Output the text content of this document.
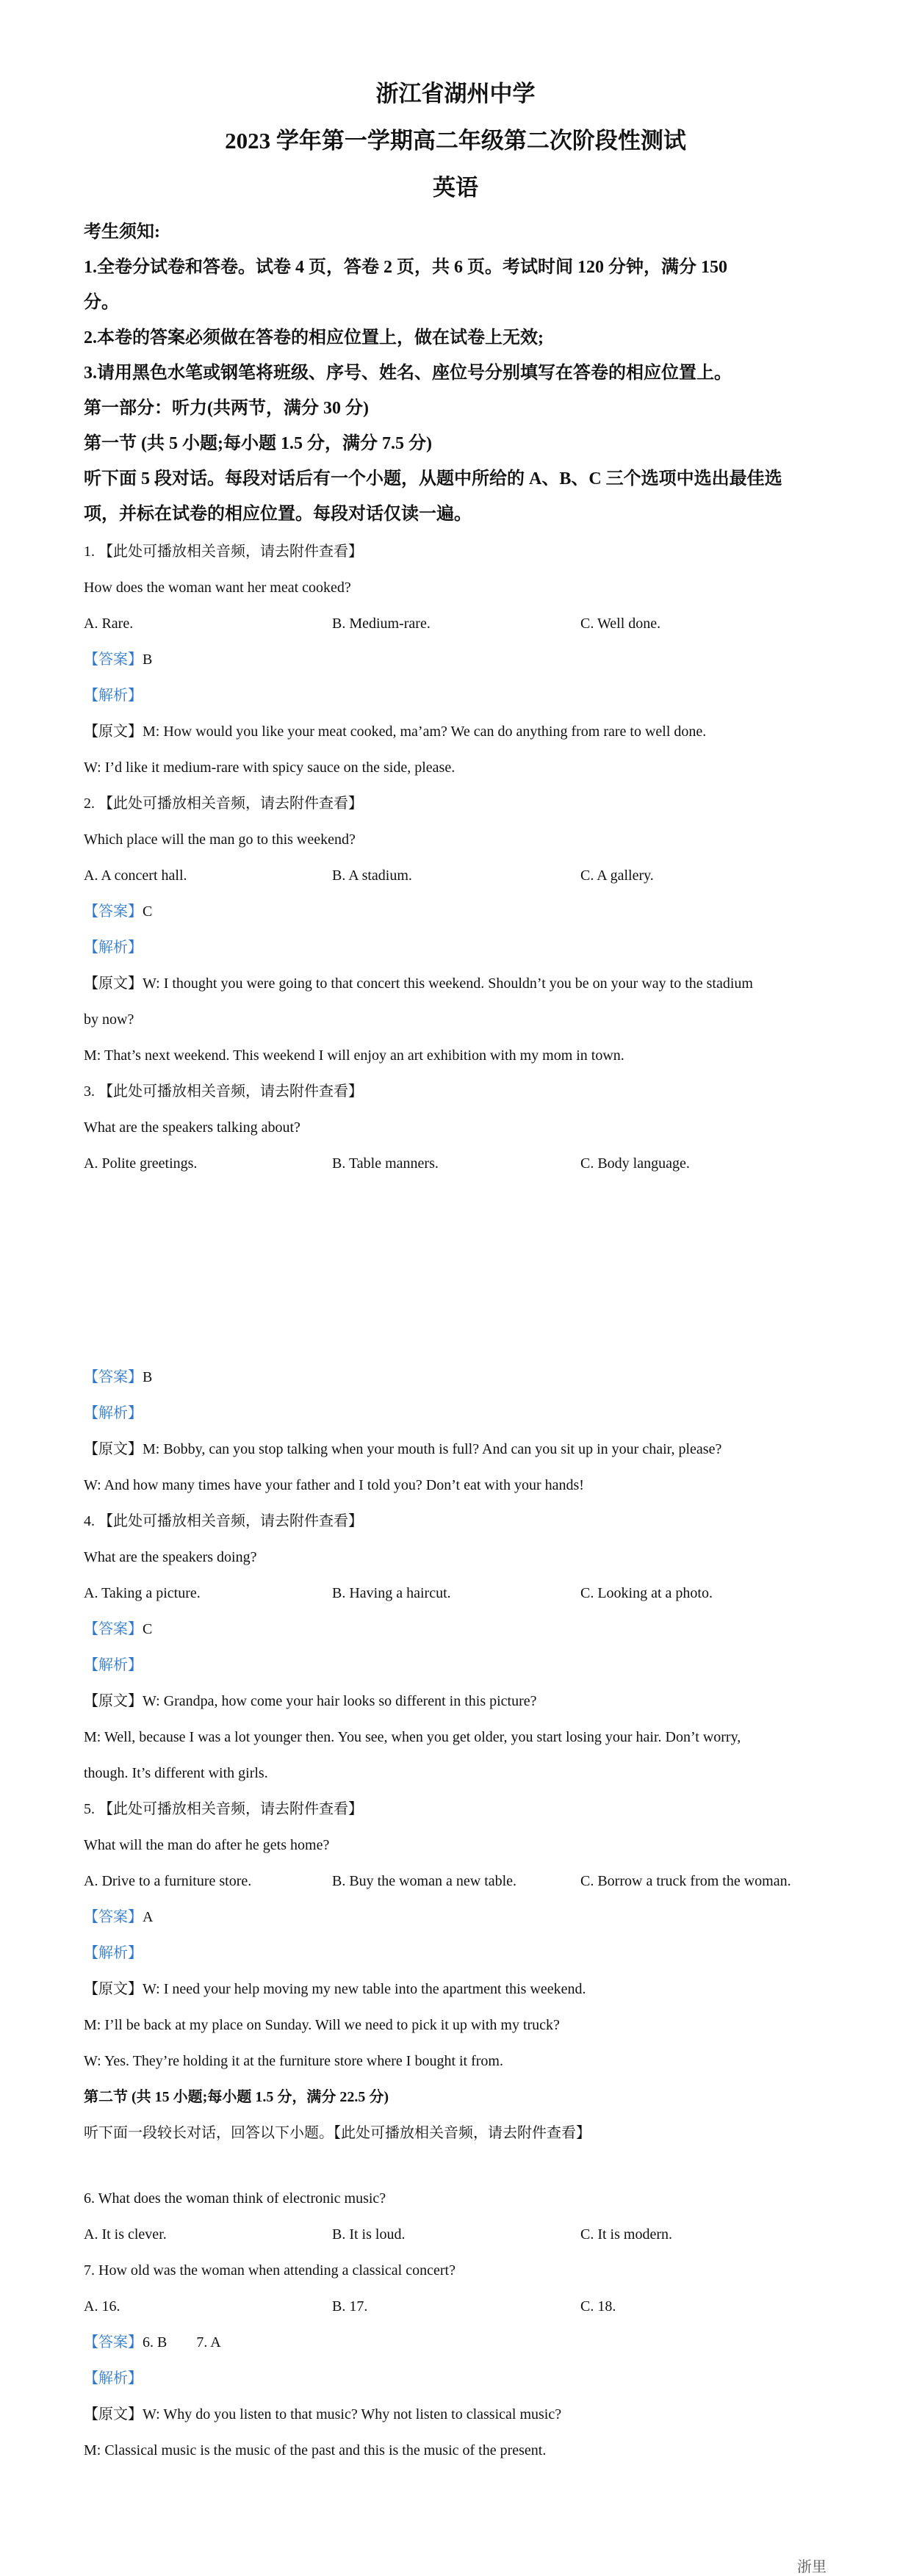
浙江省湖州中学
2023 学年第一学期高二年级第二次阶段性测试
英语
考生须知:
1.全卷分试卷和答卷。试卷 4 页，答卷 2 页，共 6 页。考试时间 120 分钟，满分 150
分。
2.本卷的答案必须做在答卷的相应位置上，做在试卷上无效;
3.请用黑色水笔或钢笔将班级、序号、姓名、座位号分别填写在答卷的相应位置上。
第一部分：听力(共两节，满分 30 分)
第一节 (共 5 小题;每小题 1.5 分，满分 7.5 分)
听下面 5 段对话。每段对话后有一个小题，从题中所给的 A、B、C 三个选项中选出最佳选
项，并标在试卷的相应位置。每段对话仅读一遍。
1. 【此处可播放相关音频，请去附件查看】
How does the woman want her meat cooked?
A. Rare.	B. Medium-rare.	C. Well done.
【答案】B
【解析】
【原文】M: How would you like your meat cooked, ma’am? We can do anything from rare to well done.
W: I’d like it medium-rare with spicy sauce on the side, please.
2. 【此处可播放相关音频，请去附件查看】
Which place will the man go to this weekend?
A. A concert hall.	B. A stadium.	C. A gallery.
【答案】C
【解析】
【原文】W: I thought you were going to that concert this weekend. Shouldn’t you be on your way to the stadium
by now?
M: That’s next weekend. This weekend I will enjoy an art exhibition with my mom in town.
3. 【此处可播放相关音频，请去附件查看】
What are the speakers talking about?
A. Polite greetings.	B. Table manners.	C. Body language.
【答案】B
【解析】
【原文】M: Bobby, can you stop talking when your mouth is full? And can you sit up in your chair, please?
W: And how many times have your father and I told you? Don’t eat with your hands!
4. 【此处可播放相关音频，请去附件查看】
What are the speakers doing?
A. Taking a picture.	B. Having a haircut.	C. Looking at a photo.
【答案】C
【解析】
【原文】W: Grandpa, how come your hair looks so different in this picture?
M: Well, because I was a lot younger then. You see, when you get older, you start losing your hair. Don’t worry,
though. It’s different with girls.
5. 【此处可播放相关音频，请去附件查看】
What will the man do after he gets home?
A. Drive to a furniture store.	B. Buy the woman a new table.	C. Borrow a truck from the woman.
【答案】A
【解析】
【原文】W: I need your help moving my new table into the apartment this weekend.
M: I’ll be back at my place on Sunday. Will we need to pick it up with my truck?
W: Yes. They’re holding it at the furniture store where I bought it from.
第二节 (共 15 小题;每小题 1.5 分，满分 22.5 分)
听下面一段较长对话，回答以下小题。【此处可播放相关音频，请去附件查看】
6. What does the woman think of electronic music?
A. It is clever.	B. It is loud.	C. It is modern.
7. How old was the woman when attending a classical concert?
A. 16.	B. 17.	C. 18.
【答案】6. B        7. A
【解析】
【原文】W: Why do you listen to that music? Why not listen to classical music?
M: Classical music is the music of the past and this is the music of the present.
浙里
